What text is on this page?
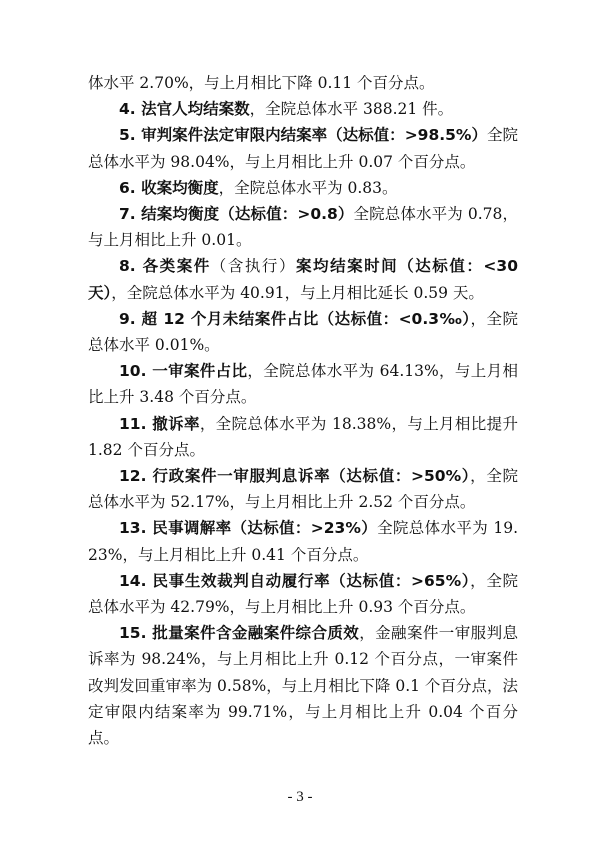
体水平 2.70%，与上月相比下降 0.11 个百分点。

4. 法官人均结案数，全院总体水平 388.21 件。

5. 审判案件法定审限内结案率（达标值：>98.5%）全院总体水平为 98.04%，与上月相比上升 0.07 个百分点。

6. 收案均衡度，全院总体水平为 0.83。

7. 结案均衡度（达标值：>0.8）全院总体水平为 0.78，与上月相比上升 0.01。

8. 各类案件（含执行）案均结案时间（达标值：<30 天），全院总体水平为 40.91，与上月相比延长 0.59 天。

9. 超 12 个月未结案件占比（达标值：<0.3‰），全院总体水平 0.01%。

10. 一审案件占比，全院总体水平为 64.13%，与上月相比上升 3.48 个百分点。

11. 撤诉率，全院总体水平为 18.38%，与上月相比提升 1.82 个百分点。

12. 行政案件一审服判息诉率（达标值：>50%），全院总体水平为 52.17%，与上月相比上升 2.52 个百分点。

13. 民事调解率（达标值：>23%）全院总体水平为 19.23%，与上月相比上升 0.41 个百分点。

14. 民事生效裁判自动履行率（达标值：>65%），全院总体水平为 42.79%，与上月相比上升 0.93 个百分点。

15. 批量案件含金融案件综合质效，金融案件一审服判息诉率为 98.24%，与上月相比上升 0.12 个百分点，一审案件改判发回重审率为 0.58%，与上月相比下降 0.1 个百分点，法定审限内结案率为 99.71%，与上月相比上升 0.04 个百分点。

- 3 -
